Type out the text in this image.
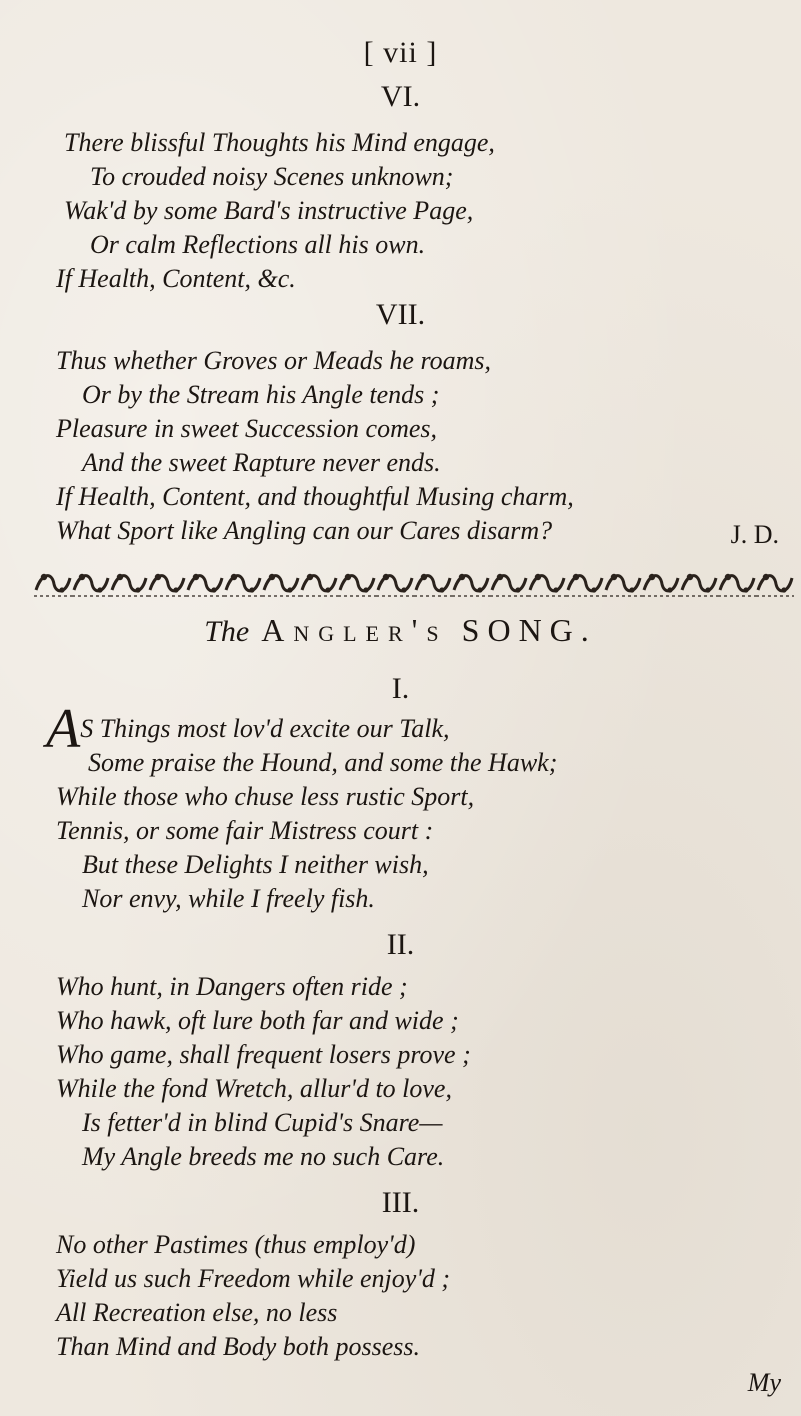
[ vii ]
VI.
There blissful Thoughts his Mind engage,
To crouded noisy Scenes unknown;
Wak'd by some Bard's instructive Page,
Or calm Reflections all his own.
If Health, Content, &c.
VII.
Thus whether Groves or Meads he roams,
Or by the Stream his Angle tends ;
Pleasure in sweet Succession comes,
And the sweet Rapture never ends.
If Health, Content, and thoughtful Musing charm,
What Sport like Angling can our Cares disarm?	J. D.
The Angler's SONG.
I.
AS Things most lov'd excite our Talk,
Some praise the Hound, and some the Hawk;
While those who chuse less rustic Sport,
Tennis, or some fair Mistress court :
But these Delights I neither wish,
Nor envy, while I freely fish.
II.
Who hunt, in Dangers often ride ;
Who hawk, oft lure both far and wide ;
Who game, shall frequent losers prove ;
While the fond Wretch, allur'd to love,
Is fetter'd in blind Cupid's Snare—
My Angle breeds me no such Care.
III.
No other Pastimes (thus employ'd)
Yield us such Freedom while enjoy'd ;
All Recreation else, no less
Than Mind and Body both possess.
My
